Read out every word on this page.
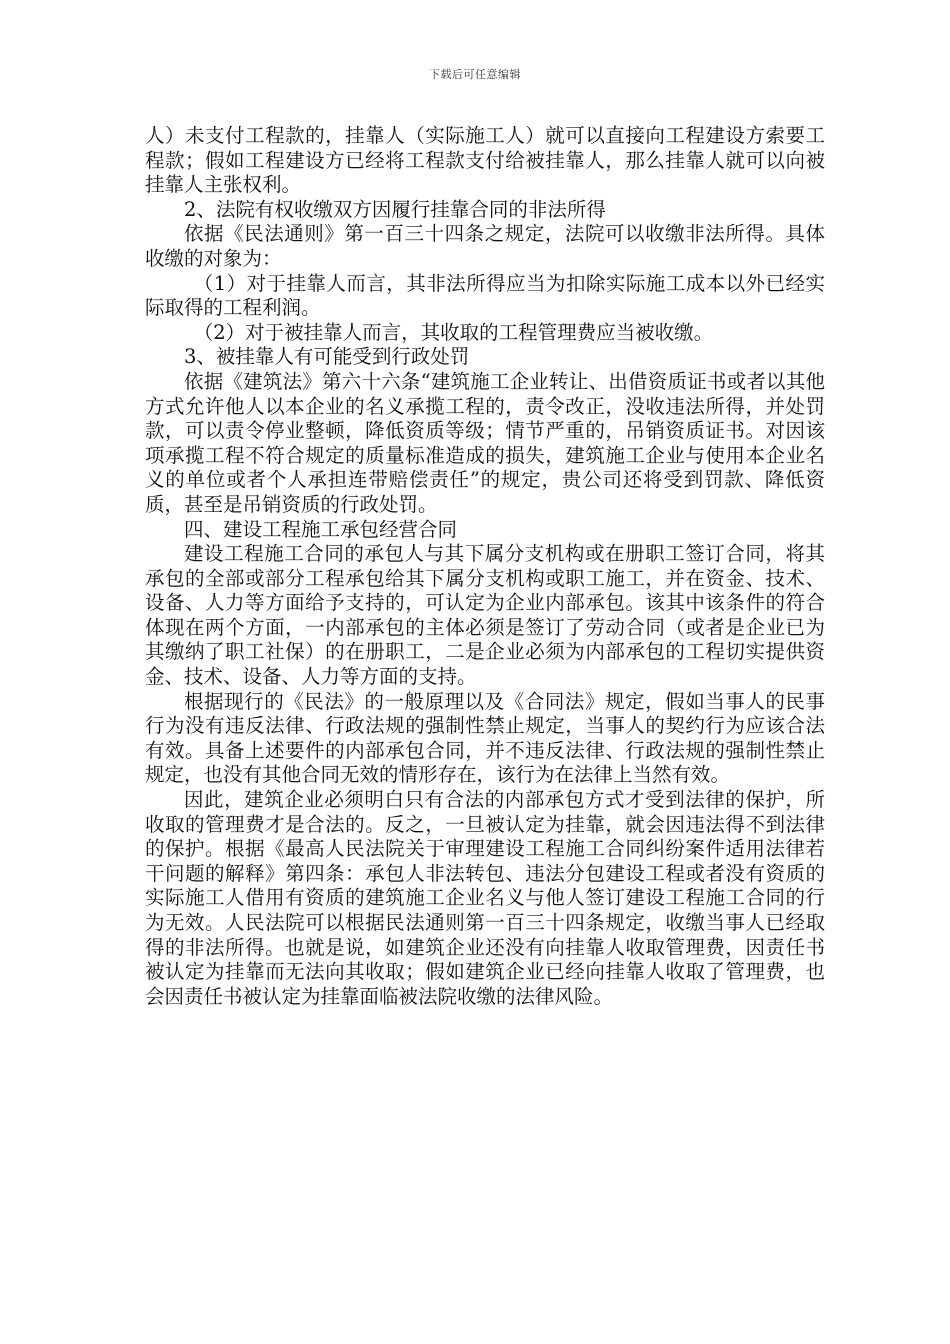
下载后可任意编辑

人）未支付工程款的，挂靠人（实际施工人）就可以直接向工程建设方索要工程款；假如工程建设方已经将工程款支付给被挂靠人，那么挂靠人就可以向被挂靠人主张权利。

2、法院有权收缴双方因履行挂靠合同的非法所得

依据《民法通则》第一百三十四条之规定，法院可以收缴非法所得。具体收缴的对象为：

（1）对于挂靠人而言，其非法所得应当为扣除实际施工成本以外已经实际取得的工程利润。

（2）对于被挂靠人而言，其收取的工程管理费应当被收缴。

3、被挂靠人有可能受到行政处罚

依据《建筑法》第六十六条“建筑施工企业转让、出借资质证书或者以其他方式允许他人以本企业的名义承揽工程的，责令改正，没收违法所得，并处罚款，可以责令停业整顿，降低资质等级；情节严重的，吊销资质证书。对因该项承揽工程不符合规定的质量标准造成的损失，建筑施工企业与使用本企业名义的单位或者个人承担连带赔偿责任”的规定，贵公司还将受到罚款、降低资质，甚至是吊销资质的行政处罚。

四、建设工程施工承包经营合同

建设工程施工合同的承包人与其下属分支机构或在册职工签订合同，将其承包的全部或部分工程承包给其下属分支机构或职工施工，并在资金、技术、设备、人力等方面给予支持的，可认定为企业内部承包。该其中该条件的符合体现在两个方面，一内部承包的主体必须是签订了劳动合同（或者是企业已为其缴纳了职工社保）的在册职工，二是企业必须为内部承包的工程切实提供资金、技术、设备、人力等方面的支持。

根据现行的《民法》的一般原理以及《合同法》规定，假如当事人的民事行为没有违反法律、行政法规的强制性禁止规定，当事人的契约行为应该合法有效。具备上述要件的内部承包合同，并不违反法律、行政法规的强制性禁止规定，也没有其他合同无效的情形存在，该行为在法律上当然有效。

因此，建筑企业必须明白只有合法的内部承包方式才受到法律的保护，所收取的管理费才是合法的。反之，一旦被认定为挂靠，就会因违法得不到法律的保护。根据《最高人民法院关于审理建设工程施工合同纠纷案件适用法律若干问题的解释》第四条：承包人非法转包、违法分包建设工程或者没有资质的实际施工人借用有资质的建筑施工企业名义与他人签订建设工程施工合同的行为无效。人民法院可以根据民法通则第一百三十四条规定，收缴当事人已经取得的非法所得。也就是说，如建筑企业还没有向挂靠人收取管理费，因责任书被认定为挂靠而无法向其收取；假如建筑企业已经向挂靠人收取了管理费，也会因责任书被认定为挂靠面临被法院收缴的法律风险。
